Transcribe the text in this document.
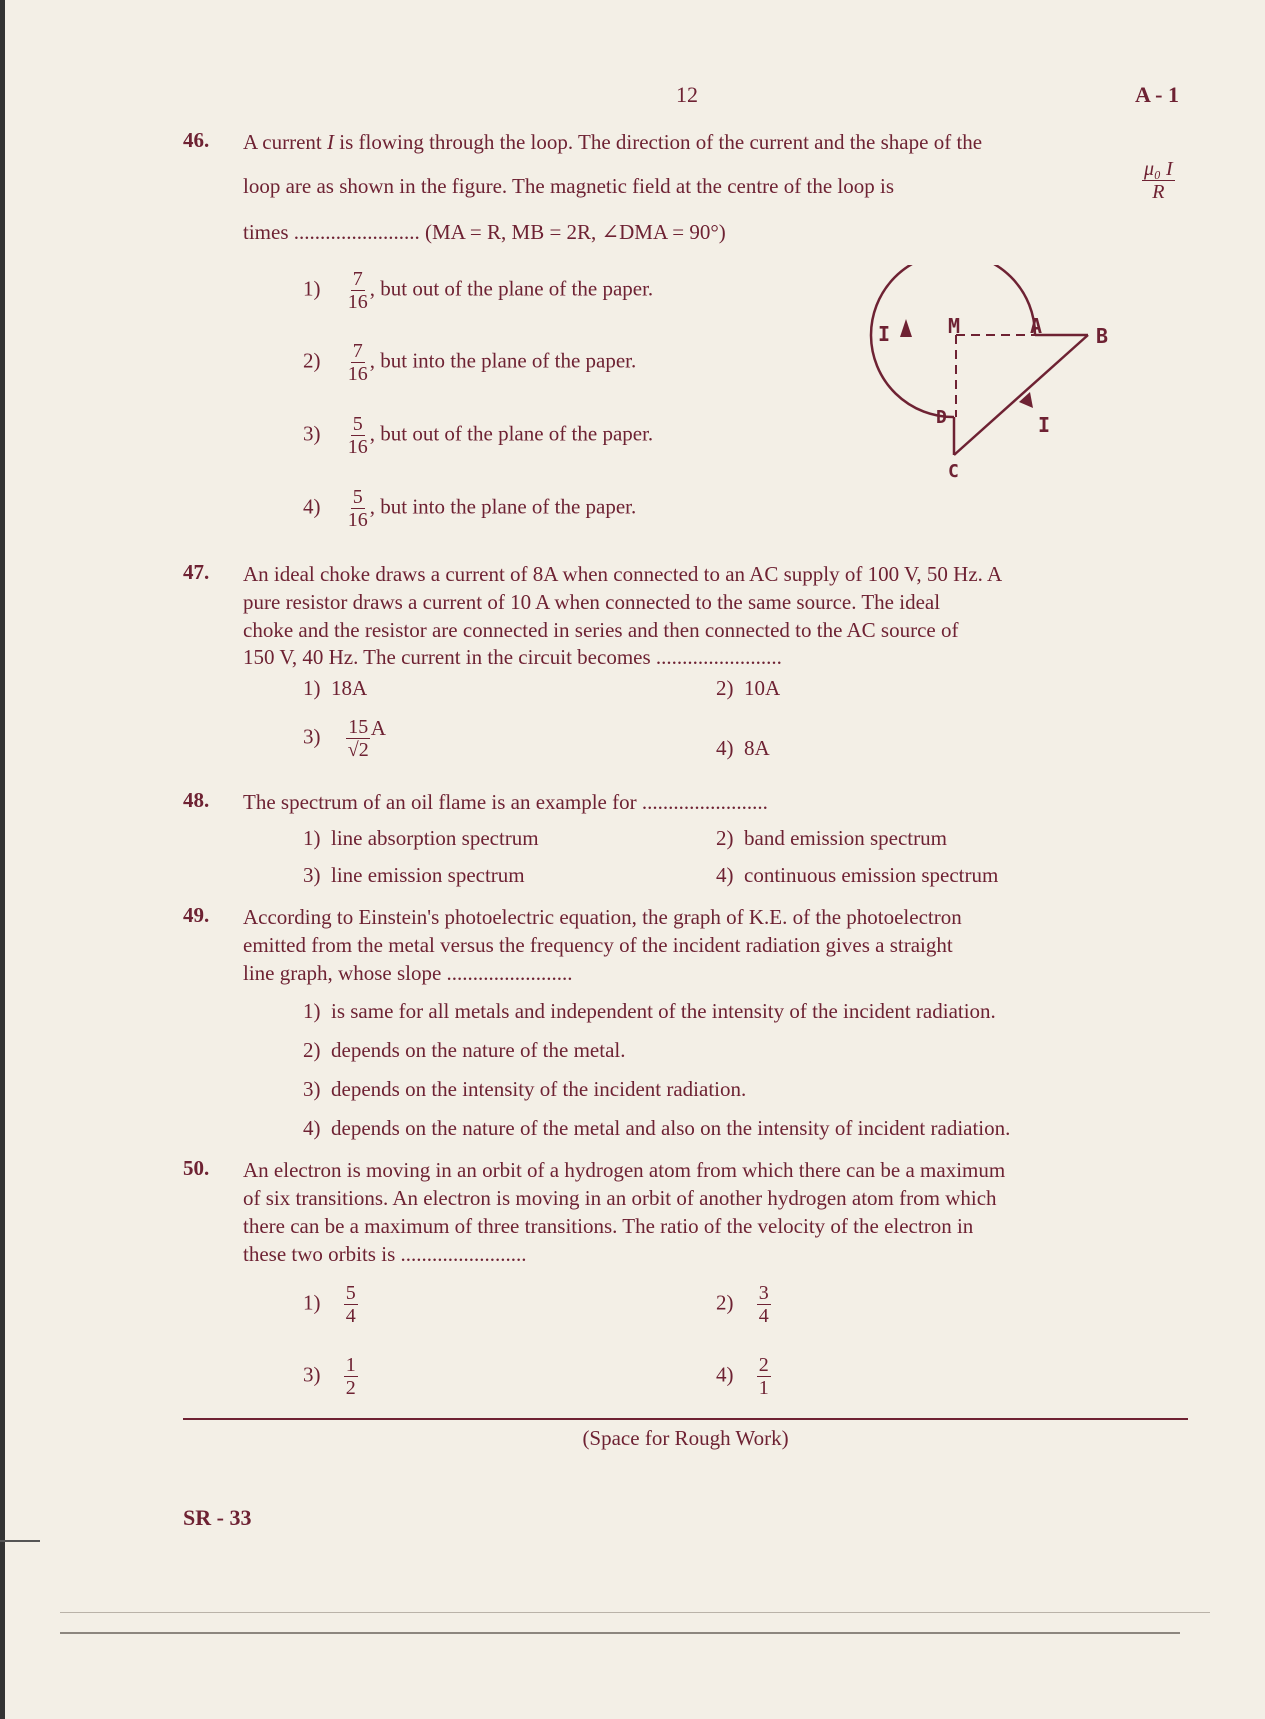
12	A - 1
46. A current I is flowing through the loop. The direction of the current and the shape of the
loop are as shown in the figure. The magnetic field at the centre of the loop is	$\frac{\text{μ₀ I}}{R}$
times ........................ (MA = R, MB = 2R, ∠DMA = 90°)
$1) \frac{7}{16}$ , but out of the plane of the paper.
$2) \frac{7}{16}$ , but into the plane of the paper.
$3) \frac{5}{16}$ , but out of the plane of the paper.
$4) \frac{5}{16}$ , but into the plane of the paper.
I	M	A	B
D
C
I
47. An ideal choke draws a current of 8A when connected to an AC supply of 100 V, 50 Hz. A
pure resistor draws a current of 10 A when connected to the same source. The ideal
choke and the resistor are connected in series and then connected to the AC source of
150 V, 40 Hz. The current in the circuit becomes ........................
1) 18A	2) 10A
$3) \frac{15}{√2}$ A
4) 8A
48. The spectrum of an oil flame is an example for ........................
1) line absorption spectrum	2) band emission spectrum
3) line emission spectrum	4) continuous emission spectrum
49. According to Einstein's photoelectric equation, the graph of K.E. of the photoelectron
emitted from the metal versus the frequency of the incident radiation gives a straight
line graph, whose slope ........................
1) is same for all metals and independent of the intensity of the incident radiation.
2) depends on the nature of the metal.
3) depends on the intensity of the incident radiation.
4) depends on the nature of the metal and also on the intensity of incident radiation.
50. An electron is moving in an orbit of a hydrogen atom from which there can be a maximum
of six transitions. An electron is moving in an orbit of another hydrogen atom from which
there can be a maximum of three transitions. The ratio of the velocity of the electron in
these two orbits is ........................
$1) \frac{5}{4}$	$2) \frac{3}{4}$
$3) \frac{1}{2}$	$4) \frac{2}{1}$
(Space for Rough Work)
SR - 33
